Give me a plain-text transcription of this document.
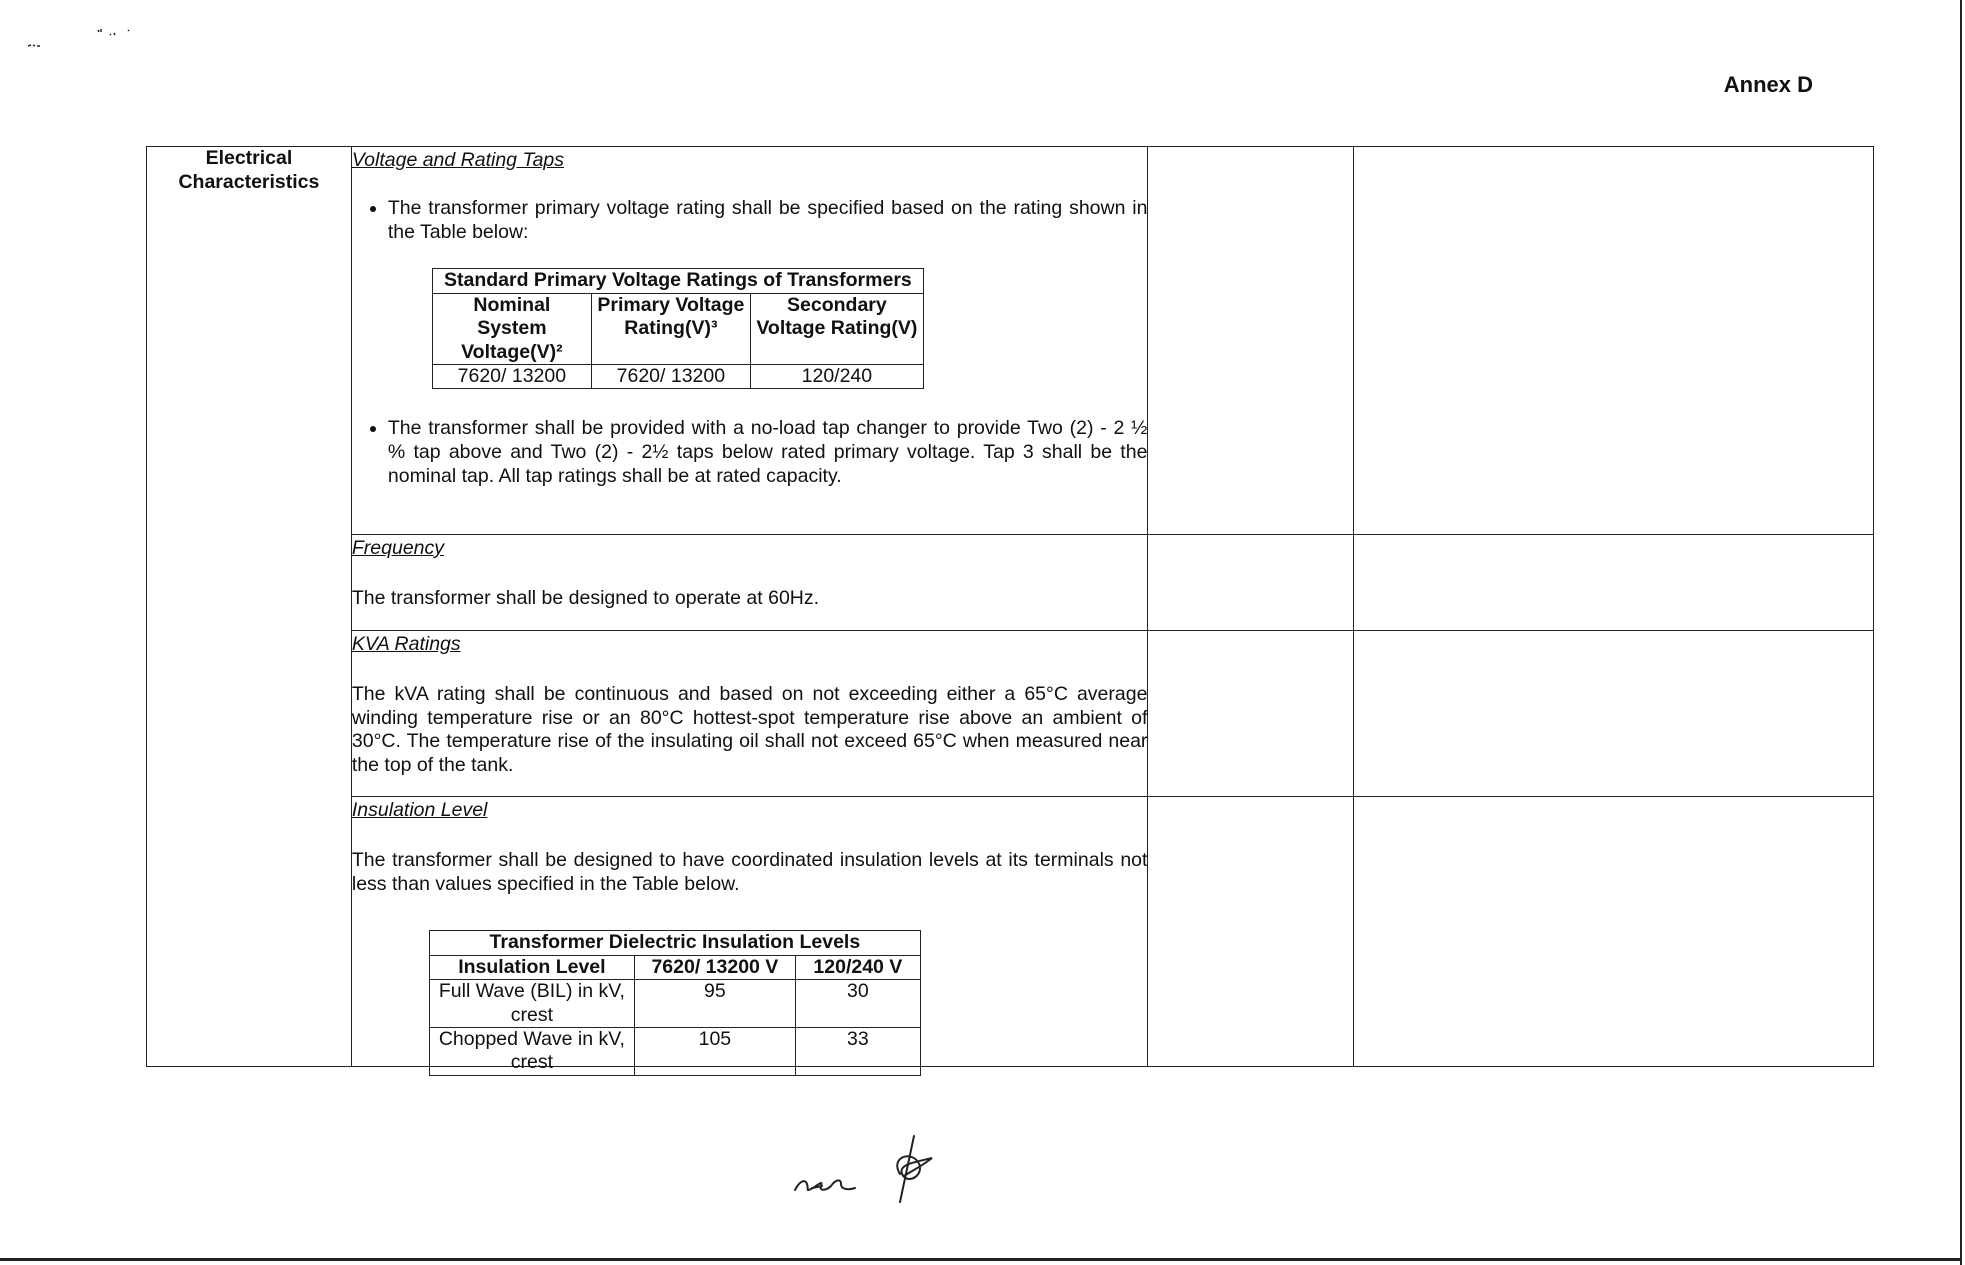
Annex D
Electrical Characteristics	
Voltage and Rating Taps
• The transformer primary voltage rating shall be specified based on the rating shown in the Table below:
Standard Primary Voltage Ratings of Transformers
Nominal System Voltage(V)²	Primary Voltage Rating(V)³	Secondary Voltage Rating(V)
7620/ 13200	7620/ 13200	120/240
• The transformer shall be provided with a no-load tap changer to provide Two (2) - 2 ½ % tap above and Two (2) - 2½ taps below rated primary voltage. Tap 3 shall be the nominal tap. All tap ratings shall be at rated capacity.

Frequency

The transformer shall be designed to operate at 60Hz.

KVA Ratings

The kVA rating shall be continuous and based on not exceeding either a 65°C average winding temperature rise or an 80°C hottest-spot temperature rise above an ambient of 30°C. The temperature rise of the insulating oil shall not exceed 65°C when measured near the top of the tank.

Insulation Level

The transformer shall be designed to have coordinated insulation levels at its terminals not less than values specified in the Table below.

Transformer Dielectric Insulation Levels
Insulation Level	7620/ 13200 V	120/240 V
Full Wave (BIL) in kV, crest	95	30
Chopped Wave in kV, crest	105	33
